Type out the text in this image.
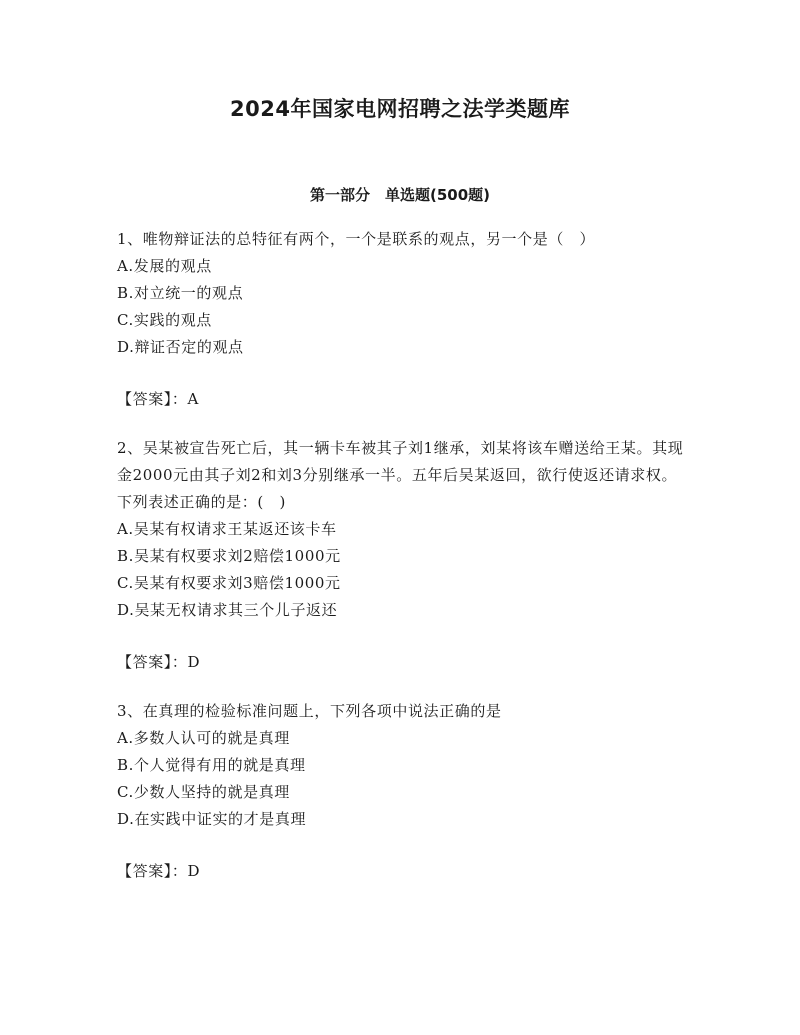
2024年国家电网招聘之法学类题库
第一部分　单选题(500题)

1、唯物辩证法的总特征有两个，一个是联系的观点，另一个是（　）

A.发展的观点

B.对立统一的观点

C.实践的观点

D.辩证否定的观点

【答案】：A

2、吴某被宣告死亡后，其一辆卡车被其子刘1继承，刘某将该车赠送给王某。其现金2000元由其子刘2和刘3分别继承一半。五年后吴某返回，欲行使返还请求权。下列表述正确的是：(　)

A.吴某有权请求王某返还该卡车

B.吴某有权要求刘2赔偿1000元

C.吴某有权要求刘3赔偿1000元

D.吴某无权请求其三个儿子返还

【答案】：D

3、在真理的检验标准问题上，下列各项中说法正确的是

A.多数人认可的就是真理

B.个人觉得有用的就是真理

C.少数人坚持的就是真理

D.在实践中证实的才是真理

【答案】：D
